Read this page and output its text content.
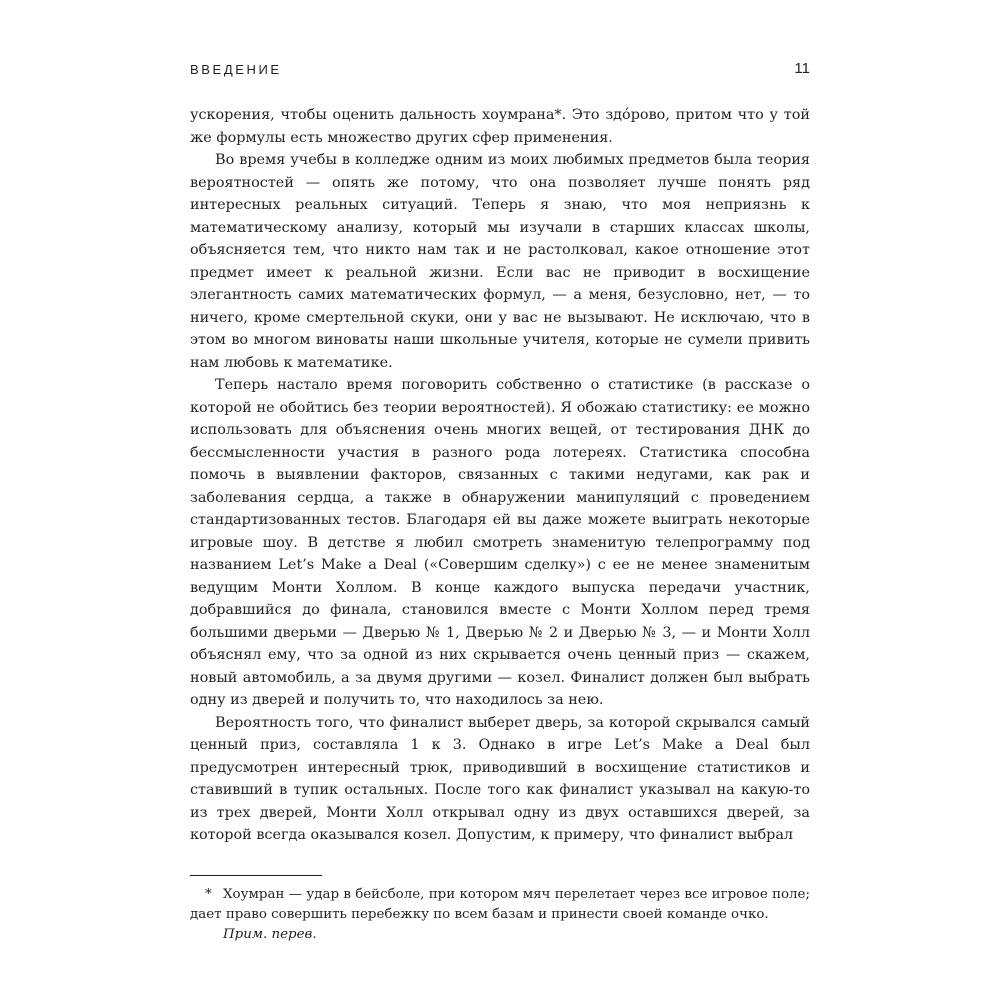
ВВЕДЕНИЕ	11

ускорения, чтобы оценить дальность хоумрана*. Это здóрово, притом что у той же формулы есть множество других сфер применения.

Во время учебы в колледже одним из моих любимых предметов была теория вероятностей — опять же потому, что она позволяет лучше понять ряд интересных реальных ситуаций. Теперь я знаю, что моя неприязнь к математическому анализу, который мы изучали в старших классах школы, объясняется тем, что никто нам так и не растолковал, какое отношение этот предмет имеет к реальной жизни. Если вас не приводит в восхищение элегантность самих математических формул, — а меня, безусловно, нет, — то ничего, кроме смертельной скуки, они у вас не вызывают. Не исключаю, что в этом во многом виноваты наши школьные учителя, которые не сумели привить нам любовь к математике.

Теперь настало время поговорить собственно о статистике (в рассказе о которой не обойтись без теории вероятностей). Я обожаю статистику: ее можно использовать для объяснения очень многих вещей, от тестирования ДНК до бессмысленности участия в разного рода лотереях. Статистика способна помочь в выявлении факторов, связанных с такими недугами, как рак и заболевания сердца, а также в обнаружении манипуляций с проведением стандартизованных тестов. Благодаря ей вы даже можете выиграть некоторые игровые шоу. В детстве я любил смотреть знаменитую телепрограмму под названием Let’s Make a Deal («Совершим сделку») с ее не менее знаменитым ведущим Монти Холлом. В конце каждого выпуска передачи участник, добравшийся до финала, становился вместе с Монти Холлом перед тремя большими дверьми — Дверью № 1, Дверью № 2 и Дверью № 3, — и Монти Холл объяснял ему, что за одной из них скрывается очень ценный приз — скажем, новый автомобиль, а за двумя другими — козел. Финалист должен был выбрать одну из дверей и получить то, что находилось за нею.

Вероятность того, что финалист выберет дверь, за которой скрывался самый ценный приз, составляла 1 к 3. Однако в игре Let’s Make a Deal был предусмотрен интересный трюк, приводивший в восхищение статистиков и ставивший в тупик остальных. После того как финалист указывал на какую-то из трех дверей, Монти Холл открывал одну из двух оставшихся дверей, за которой всегда оказывался козел. Допустим, к примеру, что финалист выбрал

* Хоумран — удар в бейсболе, при котором мяч перелетает через все игровое поле; дает право совершить перебежку по всем базам и принести своей команде очко.
Прим. перев.
